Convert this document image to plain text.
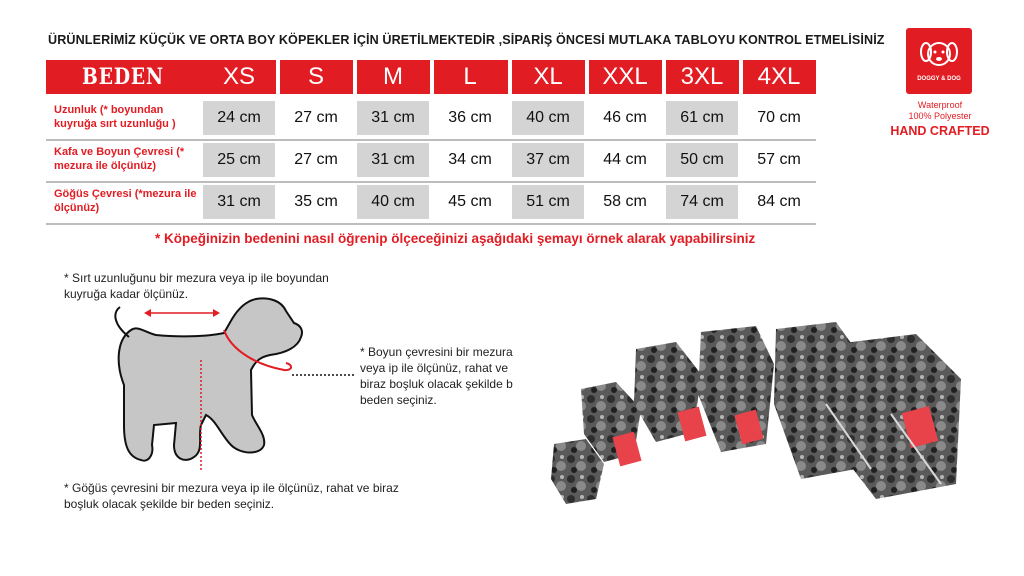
ÜRÜNLERİMİZ KÜÇÜK VE ORTA BOY KÖPEKLER İÇİN ÜRETİLMEKTEDİR ,SİPARİŞ ÖNCESİ MUTLAKA TABLOYU KONTROL ETMELİSİNİZ
BEDEN	XS	S	M	L	XL	XXL	3XL	4XL
Uzunluk (* boyundan kuyruğa sırt uzunluğu )	24 cm	27 cm	31 cm	36 cm	40 cm	46 cm	61 cm	70 cm
Kafa ve Boyun Çevresi (* mezura ile ölçünüz)	25 cm	27 cm	31 cm	34 cm	37 cm	44 cm	50 cm	57 cm
Göğüs Çevresi (*mezura ile ölçünüz)	31 cm	35 cm	40 cm	45 cm	51 cm	58 cm	74 cm	84 cm
* Köpeğinizin bedenini nasıl öğrenip ölçeceğinizi aşağıdaki şemayı örnek alarak yapabilirsiniz
* Sırt uzunluğunu bir mezura veya ip ile boyundan kuyruğa kadar ölçünüz.
* Boyun çevresini bir mezura veya ip ile ölçünüz, rahat ve biraz boşluk olacak şekilde b beden seçiniz.
* Göğüs çevresini bir mezura veya ip ile ölçünüz, rahat ve biraz boşluk olacak şekilde bir beden seçiniz.
DOGGY & DOG
Waterproof
100% Polyester
HAND CRAFTED
